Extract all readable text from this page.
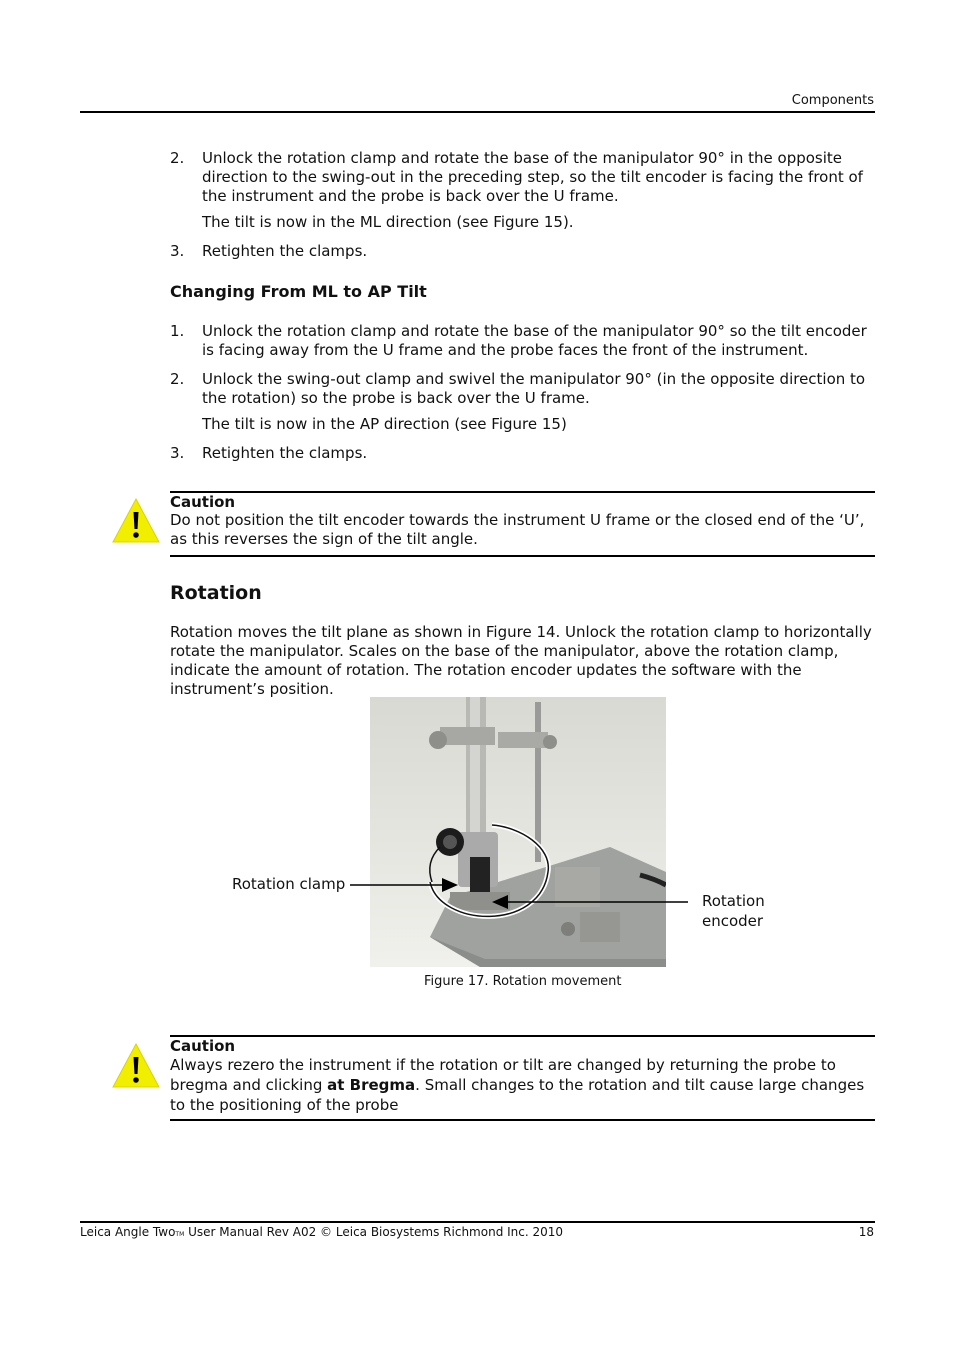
Components
2.	Unlock the rotation clamp and rotate the base of the manipulator 90° in the opposite direction to the swing-out in the preceding step, so the tilt encoder is facing the front of the instrument and the probe is back over the U frame.
The tilt is now in the ML direction (see Figure 15).
3.	Retighten the clamps.
Changing From ML to AP Tilt
1.	Unlock the rotation clamp and rotate the base of the manipulator 90° so the tilt encoder is facing away from the U frame and the probe faces the front of the instrument.
2.	Unlock the swing-out clamp and swivel the manipulator 90° (in the opposite direction to the rotation) so the probe is back over the U frame.
The tilt is now in the AP direction (see Figure 15)
3.	Retighten the clamps.
Caution
Do not position the tilt encoder towards the instrument U frame or the closed end of the ‘U’, as this reverses the sign of the tilt angle.
Rotation
Rotation moves the tilt plane as shown in Figure 14. Unlock the rotation clamp to horizontally rotate the manipulator. Scales on the base of the manipulator, above the rotation clamp, indicate the amount of rotation. The rotation encoder updates the software with the instrument’s position.
Rotation clamp
Rotation
encoder
Figure 17. Rotation movement
Caution
Always rezero the instrument if the rotation or tilt are changed by returning the probe to bregma and clicking at Bregma. Small changes to the rotation and tilt cause large changes to the positioning of the probe
Leica Angle TwoTM User Manual Rev A02 © Leica Biosystems Richmond Inc. 2010	18
